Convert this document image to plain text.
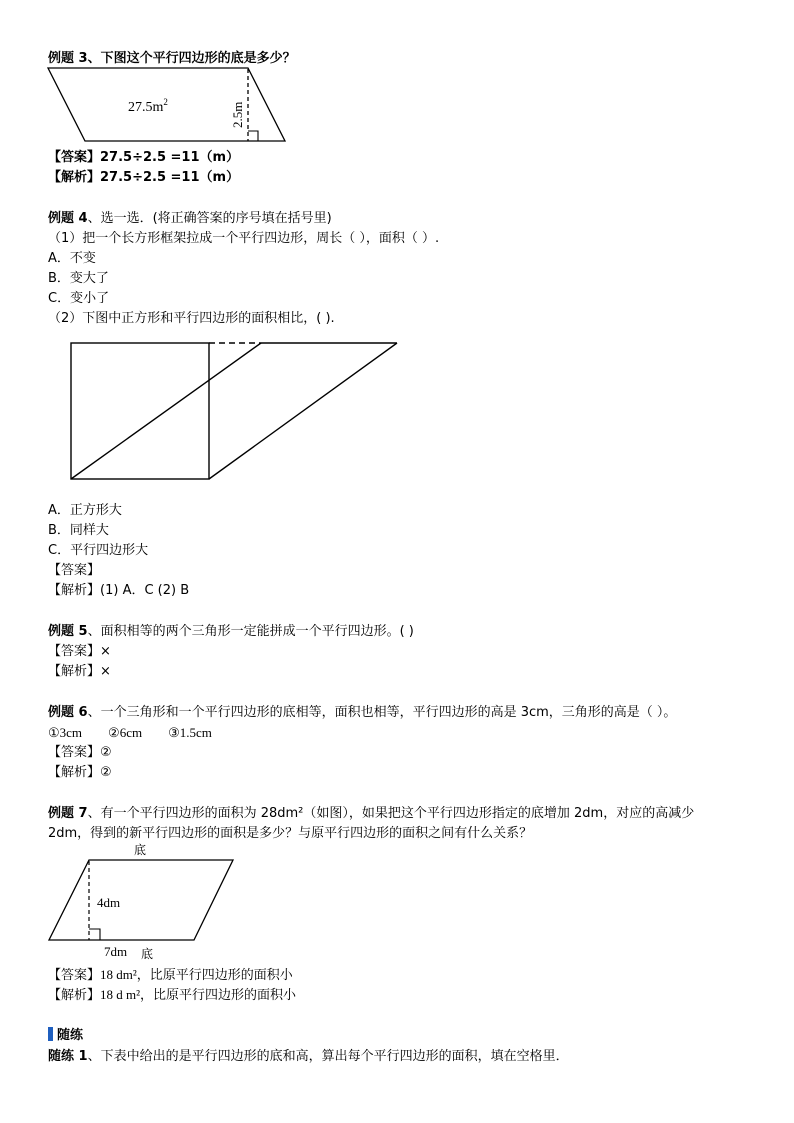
例题 3、下图这个平行四边形的底是多少？
$27.5m^2$	2.5m
【答案】27.5÷2.5 =11（m）
【解析】27.5÷2.5 =11（m）
例题 4、选一选．(将正确答案的序号填在括号里)
（1）把一个长方形框架拉成一个平行四边形，周长（ ），面积（ ）.
A．不变
B．变大了
C．变小了
（2）下图中正方形和平行四边形的面积相比，( ).
A．正方形大
B．同样大
C．平行四边形大
【答案】
【解析】(1) A．C (2) B
例题 5、面积相等的两个三角形一定能拼成一个平行四边形。( )
【答案】×
【解析】×
例题 6、一个三角形和一个平行四边形的底相等，面积也相等，平行四边形的高是 3cm，三角形的高是（ ）。
①3cm ②6cm ③1.5cm
【答案】②
【解析】②
例题 7、有一个平行四边形的面积为 28dm²（如图），如果把这个平行四边形指定的底增加 2dm，对应的高减少
2dm，得到的新平行四边形的面积是多少？与原平行四边形的面积之间有什么关系？
底
4dm
7dm 底
【答案】18 dm²，比原平行四边形的面积小
【解析】18 d m²，比原平行四边形的面积小
随练
随练 1、下表中给出的是平行四边形的底和高，算出每个平行四边形的面积，填在空格里．
